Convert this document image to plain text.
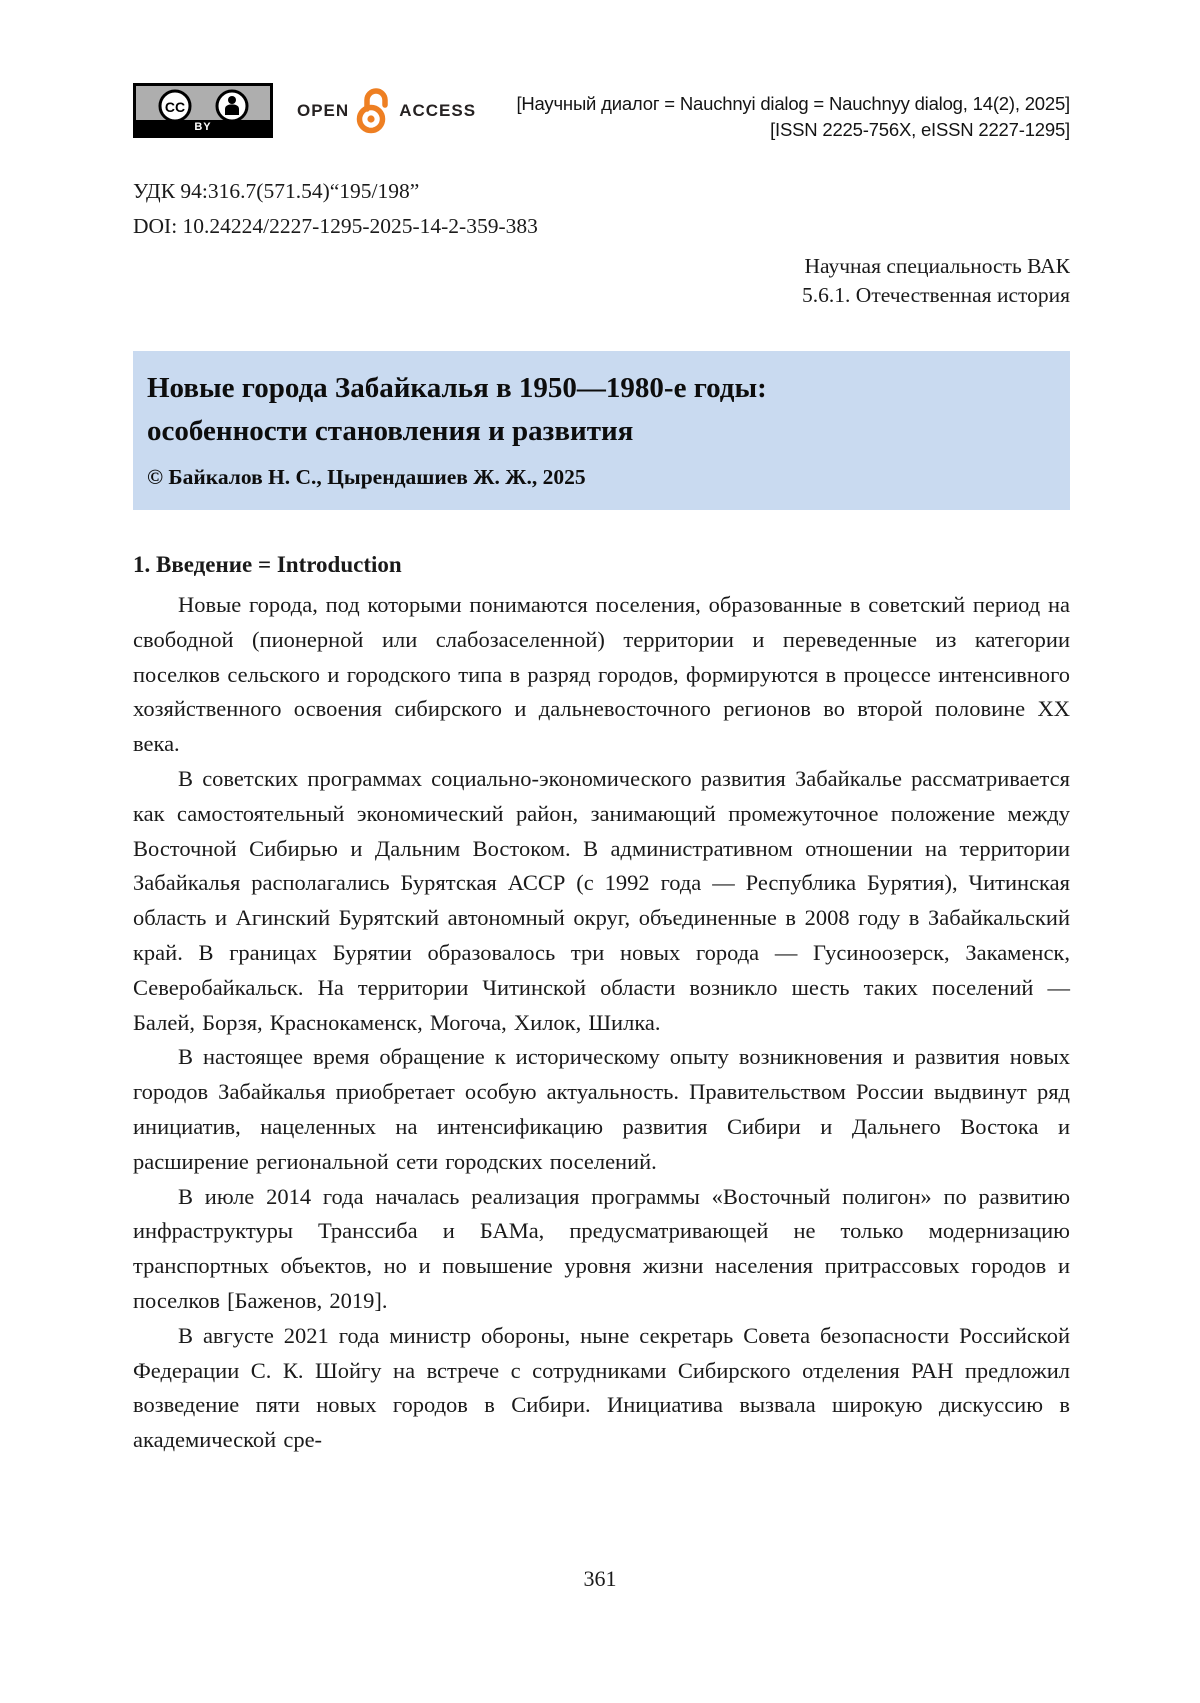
CC
BY
OPEN	ACCESS [Научный диалог = Nauchnyi dialog = Nauchnyy dialog, 14(2), 2025]
[ISSN 2225-756X, eISSN 2227-1295]
УДК 94:316.7(571.54)“195/198”
DOI: 10.24224/2227-1295-2025-14-2-359-383
Научная специальность ВАК
5.6.1. Отечественная история
Новые города Забайкалья в 1950—1980-е годы:
особенности становления и развития
© Байкалов Н. С., Цырендашиев Ж. Ж., 2025
1. Введение = Introduction

Новые города, под которыми понимаются поселения, образованные в советский период на свободной (пионерной или слабозаселенной) территории и переведенные из категории поселков сельского и городского типа в разряд городов, формируются в процессе интенсивного хозяйственного освоения сибирского и дальневосточного регионов во второй половине XX века.

В советских программах социально-экономического развития Забайкалье рассматривается как самостоятельный экономический район, занимающий промежуточное положение между Восточной Сибирью и Дальним Востоком. В административном отношении на территории Забайкалья располагались Бурятская АССР (с 1992 года — Республика Бурятия), Читинская область и Агинский Бурятский автономный округ, объединенные в 2008 году в Забайкальский край. В границах Бурятии образовалось три новых города — Гусиноозерск, Закаменск, Северобайкальск. На территории Читинской области возникло шесть таких поселений — Балей, Борзя, Краснокаменск, Могоча, Хилок, Шилка.

В настоящее время обращение к историческому опыту возникновения и развития новых городов Забайкалья приобретает особую актуальность. Правительством России выдвинут ряд инициатив, нацеленных на интенсификацию развития Сибири и Дальнего Востока и расширение региональной сети городских поселений.

В июле 2014 года началась реализация программы «Восточный полигон» по развитию инфраструктуры Транссиба и БАМа, предусматривающей не только модернизацию транспортных объектов, но и повышение уровня жизни населения притрассовых городов и поселков [Баженов, 2019].

В августе 2021 года министр обороны, ныне секретарь Совета безопасности Российской Федерации С. К. Шойгу на встрече с сотрудниками Сибирского отделения РАН предложил возведение пяти новых городов в Сибири. Инициатива вызвала широкую дискуссию в академической сре-

361
